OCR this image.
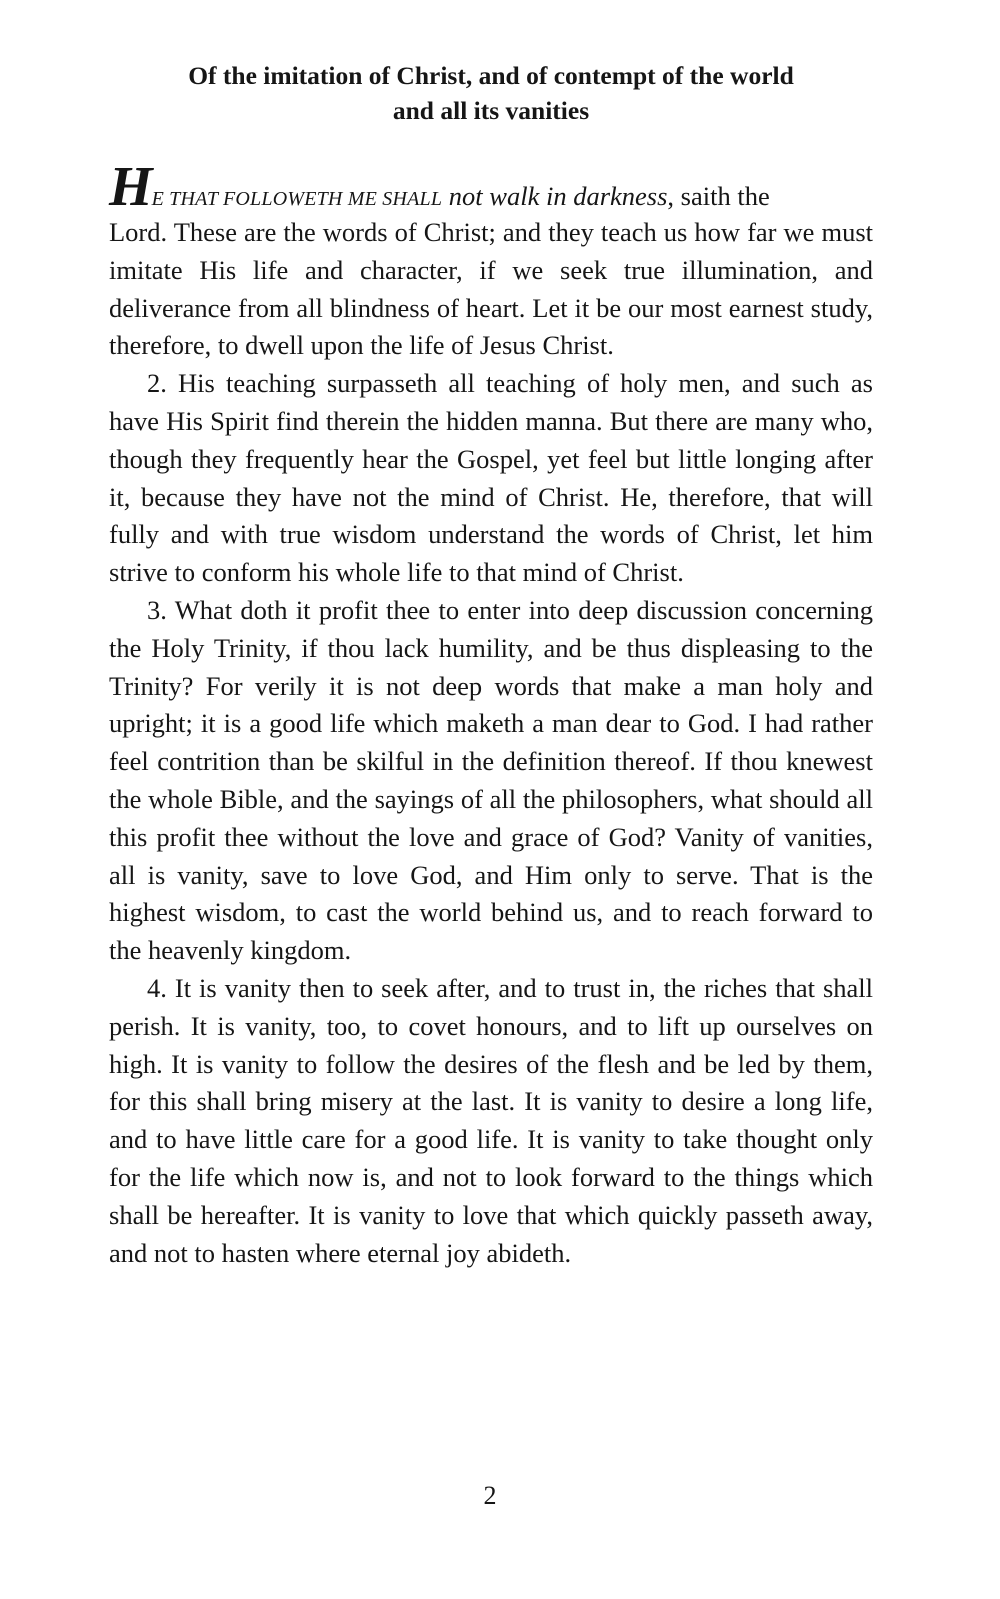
Of the imitation of Christ, and of contempt of the world
and all its vanities
HE THAT FOLLOWETH ME SHALL not walk in darkness, saith the
Lord. These are the words of Christ; and they teach us how far we must imitate His life and character, if we seek true illumination, and deliverance from all blindness of heart. Let it be our most earnest study, therefore, to dwell upon the life of Jesus Christ.

2. His teaching surpasseth all teaching of holy men, and such as have His Spirit find therein the hidden manna. But there are many who, though they frequently hear the Gospel, yet feel but little longing after it, because they have not the mind of Christ. He, therefore, that will fully and with true wisdom understand the words of Christ, let him strive to conform his whole life to that mind of Christ.

3. What doth it profit thee to enter into deep discussion concerning the Holy Trinity, if thou lack humility, and be thus displeasing to the Trinity? For verily it is not deep words that make a man holy and upright; it is a good life which maketh a man dear to God. I had rather feel contrition than be skilful in the definition thereof. If thou knewest the whole Bible, and the sayings of all the philosophers, what should all this profit thee without the love and grace of God? Vanity of vanities, all is vanity, save to love God, and Him only to serve. That is the highest wisdom, to cast the world behind us, and to reach forward to the heavenly kingdom.

4. It is vanity then to seek after, and to trust in, the riches that shall perish. It is vanity, too, to covet honours, and to lift up ourselves on high. It is vanity to follow the desires of the flesh and be led by them, for this shall bring misery at the last. It is vanity to desire a long life, and to have little care for a good life. It is vanity to take thought only for the life which now is, and not to look forward to the things which shall be hereafter. It is vanity to love that which quickly passeth away, and not to hasten where eternal joy abideth.

2
